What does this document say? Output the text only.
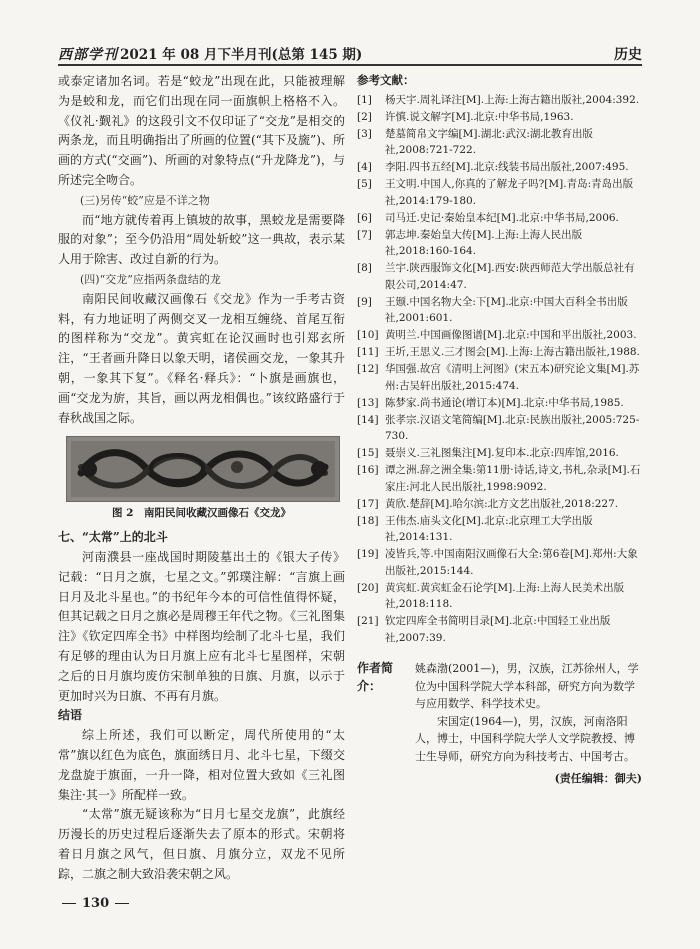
西部学刊 2021 年 08 月下半月刊(总第 145 期)	历史

或泰定诸加名词。若是“蛟龙”出现在此，只能被理解为是蛟和龙，而它们出现在同一面旗帜上格格不入。《仪礼·觐礼》的这段引文不仅印证了“交龙”是相交的两条龙，而且明确指出了所画的位置(“其下及旒”)、所画的方式(“交画”)、所画的对象特点(“升龙降龙”)，与所述完全吻合。

(三)另传“蛟”应是不详之物

而“地方就传着再上镇坡的故事，黑蛟龙是需要降服的对象”；至今仍沿用“周处斩蛟”这一典故，表示某人用于除害、改过自新的行为。

(四)“交龙”应指两条盘结的龙

南阳民间收藏汉画像石《交龙》作为一手考古资料，有力地证明了两侧交叉一龙相互缠绕、首尾互衔的图样称为“交龙”。黄宾虹在论汉画时也引郑玄所注，“王者画升降日以象天明，诸侯画交龙，一象其升朝，一象其下复”。《释名·释兵》：“卜旗是画旗也，画“交龙为旂，其旨，画以两龙相偶也。”该纹路盛行于春秋战国之际。

图 2　南阳民间收藏汉画像石《交龙》
七、“太常”上的北斗

河南濮县一座战国时期陵墓出土的《银大子传》记载：“日月之旗，七星之文。”郭璞注解：“言旗上画日月及北斗星也。”的书纪年今本的可信性值得怀疑，但其记载之日月之旗必是周穆王年代之物。《三礼图集注》《钦定四库全书》中样图均绘制了北斗七星，我们有足够的理由认为日月旗上应有北斗七星图样，宋朝之后的日月旗均废仿宋制单独的日旗、月旗，以示于更加时兴为日旗、不再有月旗。

结语

综上所述，我们可以断定，周代所使用的“太常”旗以红色为底色，旗面绣日月、北斗七星，下缀交龙盘旋于旗面，一升一降，相对位置大致如《三礼图集注·其一》所配样一致。

“太常”旗无疑该称为“日月七星交龙旗”，此旗经历漫长的历史过程后逐渐失去了原本的形式。宋朝将着日月旗之风气，但日旗、月旗分立，双龙不见所踪，二旗之制大致沿袭宋朝之风。

参考文献：
[1]	杨天宇.周礼译注[M].上海:上海古籍出版社,2004:392.
[2]	许慎.说文解字[M].北京:中华书局,1963.
[3]	楚墓简帛文字编[M].湖北:武汉:湖北教育出版社,2008:721-722.
[4]	李阳.四书五经[M].北京:线装书局出版社,2007:495.
[5]	王文明.中国人,你真的了解龙子吗?[M].青岛:青岛出版社,2014:179-180.
[6]	司马迁.史记·秦始皇本纪[M].北京:中华书局,2006.
[7]	郭志坤.秦始皇大传[M].上海:上海人民出版社,2018:160-164.
[8]	兰宇.陕西服饰文化[M].西安:陕西师范大学出版总社有限公司,2014:47.
[9]	王颋.中国名物大全:下[M].北京:中国大百科全书出版社,2001:601.
[10] 黄明兰.中国画像图谱[M].北京:中国和平出版社,2003.
[11] 王圻,王思义.三才图会[M].上海:上海古籍出版社,1988.
[12] 华国强.故宫《清明上河图》(宋五本)研究论文集[M].苏州:古吴轩出版社,2015:474.
[13] 陈梦家.尚书通论(增订本)[M].北京:中华书局,1985.
[14] 张孝宗.汉语文笔简编[M].北京:民族出版社,2005:725-730.
[15] 聂崇义.三礼图集注[M].复印本.北京:四库馆,2016.
[16] 谭之洲.辞之洲全集:第11册·诗话,诗文,书札,杂录[M].石家庄:河北人民出版社,1998:9092.
[17] 黄欣.楚辞[M].哈尔滨:北方文艺出版社,2018:227.
[18] 王伟杰.庙头文化[M].北京:北京理工大学出版社,2014:131.
[19] 凌皆兵,等.中国南阳汉画像石大全:第6卷[M].郑州:大象出版社,2015:144.
[20] 黄宾虹.黄宾虹金石论学[M].上海:上海人民美术出版社,2018:118.
[21] 钦定四库全书简明目录[M].北京:中国轻工业出版社,2007:39.
作者简介：

姚森渤(2001—)，男，汉族，江苏徐州人，学位为中国科学院大学本科部，研究方向为数学与应用数学、科学技术史。

宋国定(1964—)，男，汉族，河南洛阳人，博士，中国科学院大学人文学院教授、博士生导师，研究方向为科技考古、中国考古。

(责任编辑：御夫)
130
